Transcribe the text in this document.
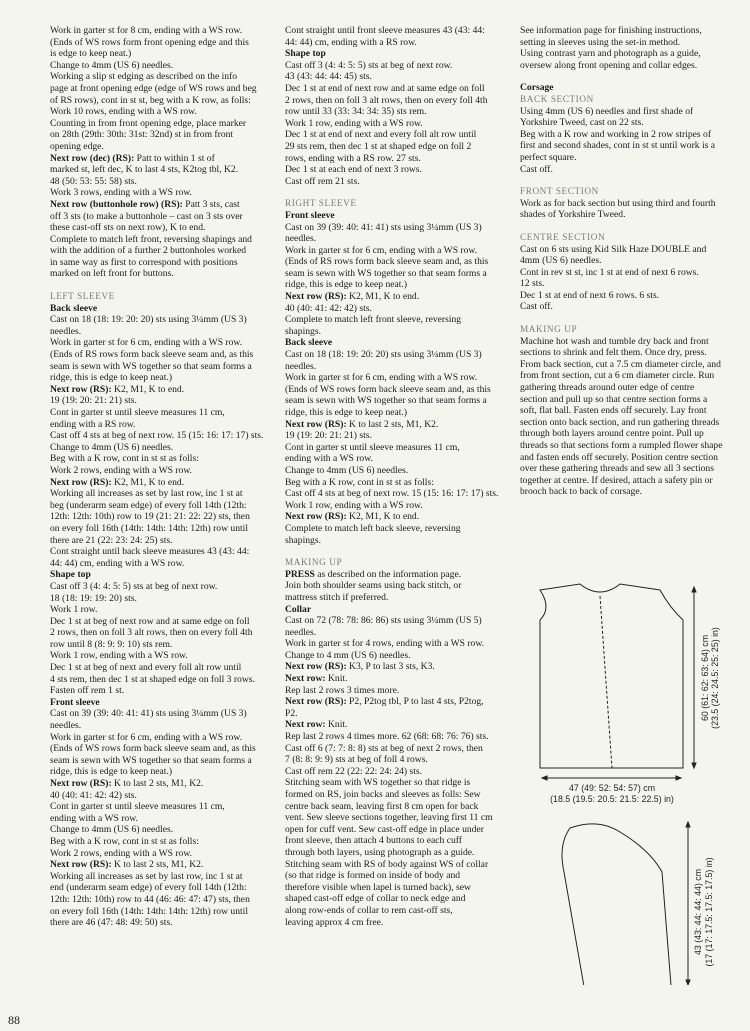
Work in garter st for 8 cm, ending with a WS row.

(Ends of WS rows form front opening edge and this

is edge to keep neat.)

Change to 4mm (US 6) needles.

Working a slip st edging as described on the info

page at front opening edge (edge of WS rows and beg

of RS rows), cont in st st, beg with a K row, as folls:

Work 10 rows, ending with a WS row.

Counting in from front opening edge, place marker

on 28th (29th: 30th: 31st: 32nd) st in from front

opening edge.

Next row (dec) (RS): Patt to within 1 st of

marked st, left dec, K to last 4 sts, K2tog tbl, K2.

48 (50: 53: 55: 58) sts.

Work 3 rows, ending with a WS row.

Next row (buttonhole row) (RS): Patt 3 sts, cast

off 3 sts (to make a buttonhole – cast on 3 sts over

these cast-off sts on next row), K to end.

Complete to match left front, reversing shapings and

with the addition of a further 2 buttonholes worked

in same way as first to correspond with positions

marked on left front for buttons.

LEFT SLEEVE

Back sleeve

Cast on 18 (18: 19: 20: 20) sts using 3¼mm (US 3)

needles.

Work in garter st for 6 cm, ending with a WS row.

(Ends of RS rows form back sleeve seam and, as this

seam is sewn with WS together so that seam forms a

ridge, this is edge to keep neat.)

Next row (RS): K2, M1, K to end.

19 (19: 20: 21: 21) sts.

Cont in garter st until sleeve measures 11 cm,

ending with a RS row.

Cast off 4 sts at beg of next row. 15 (15: 16: 17: 17) sts.

Change to 4mm (US 6) needles.

Beg with a K row, cont in st st as folls:

Work 2 rows, ending with a WS row.

Next row (RS): K2, M1, K to end.

Working all increases as set by last row, inc 1 st at

beg (underarm seam edge) of every foll 14th (12th:

12th: 12th: 10th) row to 19 (21: 21: 22: 22) sts, then

on every foll 16th (14th: 14th: 14th: 12th) row until

there are 21 (22: 23: 24: 25) sts.

Cont straight until back sleeve measures 43 (43: 44:

44: 44) cm, ending with a WS row.

Shape top

Cast off 3 (4: 4: 5: 5) sts at beg of next row.

18 (18: 19: 19: 20) sts.

Work 1 row.

Dec 1 st at beg of next row and at same edge on foll

2 rows, then on foll 3 alt rows, then on every foll 4th

row until 8 (8: 9: 9: 10) sts rem.

Work 1 row, ending with a WS row.

Dec 1 st at beg of next and every foll alt row until

4 sts rem, then dec 1 st at shaped edge on foll 3 rows.

Fasten off rem 1 st.

Front sleeve

Cast on 39 (39: 40: 41: 41) sts using 3¼mm (US 3)

needles.

Work in garter st for 6 cm, ending with a WS row.

(Ends of WS rows form back sleeve seam and, as this

seam is sewn with WS together so that seam forms a

ridge, this is edge to keep neat.)

Next row (RS): K to last 2 sts, M1, K2.

40 (40: 41: 42: 42) sts.

Cont in garter st until sleeve measures 11 cm,

ending with a WS row.

Change to 4mm (US 6) needles.

Beg with a K row, cont in st st as folls:

Work 2 rows, ending with a WS row.

Next row (RS): K to last 2 sts, M1, K2.

Working all increases as set by last row, inc 1 st at

end (underarm seam edge) of every foll 14th (12th:

12th: 12th: 10th) row to 44 (46: 46: 47: 47) sts, then

on every foll 16th (14th: 14th: 14th: 12th) row until

there are 46 (47: 48: 49: 50) sts.

Cont straight until front sleeve measures 43 (43: 44:

44: 44) cm, ending with a RS row.

Shape top

Cast off 3 (4: 4: 5: 5) sts at beg of next row.

43 (43: 44: 44: 45) sts.

Dec 1 st at end of next row and at same edge on foll

2 rows, then on foll 3 alt rows, then on every foll 4th

row until 33 (33: 34: 34: 35) sts rem.

Work 1 row, ending with a WS row.

Dec 1 st at end of next and every foll alt row until

29 sts rem, then dec 1 st at shaped edge on foll 2

rows, ending with a RS row. 27 sts.

Dec 1 st at each end of next 3 rows.

Cast off rem 21 sts.

RIGHT SLEEVE

Front sleeve

Cast on 39 (39: 40: 41: 41) sts using 3¼mm (US 3)

needles.

Work in garter st for 6 cm, ending with a WS row.

(Ends of RS rows form back sleeve seam and, as this

seam is sewn with WS together so that seam forms a

ridge, this is edge to keep neat.)

Next row (RS): K2, M1, K to end.

40 (40: 41: 42: 42) sts.

Complete to match left front sleeve, reversing

shapings.

Back sleeve

Cast on 18 (18: 19: 20: 20) sts using 3¼mm (US 3)

needles.

Work in garter st for 6 cm, ending with a WS row.

(Ends of WS rows form back sleeve seam and, as this

seam is sewn with WS together so that seam forms a

ridge, this is edge to keep neat.)

Next row (RS): K to last 2 sts, M1, K2.

19 (19: 20: 21: 21) sts.

Cont in garter st until sleeve measures 11 cm,

ending with a WS row.

Change to 4mm (US 6) needles.

Beg with a K row, cont in st st as folls:

Cast off 4 sts at beg of next row. 15 (15: 16: 17: 17) sts.

Work 1 row, ending with a WS row.

Next row (RS): K2, M1, K to end.

Complete to match left back sleeve, reversing

shapings.

MAKING UP

PRESS as described on the information page.

Join both shoulder seams using back stitch, or

mattress stitch if preferred.

Collar

Cast on 72 (78: 78: 86: 86) sts using 3¼mm (US 5)

needles.

Work in garter st for 4 rows, ending with a WS row.

Change to 4 mm (US 6) needles.

Next row (RS): K3, P to last 3 sts, K3.

Next row: Knit.

Rep last 2 rows 3 times more.

Next row (RS): P2, P2tog tbl, P to last 4 sts, P2tog,

P2.

Next row: Knit.

Rep last 2 rows 4 times more. 62 (68: 68: 76: 76) sts.

Cast off 6 (7: 7: 8: 8) sts at beg of next 2 rows, then

7 (8: 8: 9: 9) sts at beg of foll 4 rows.

Cast off rem 22 (22: 22: 24: 24) sts.

Stitching seam with WS together so that ridge is

formed on RS, join backs and sleeves as folls: Sew

centre back seam, leaving first 8 cm open for back

vent. Sew sleeve sections together, leaving first 11 cm

open for cuff vent. Sew cast-off edge in place under

front sleeve, then attach 4 buttons to each cuff

through both layers, using photograph as a guide.

Stitching seam with RS of body against WS of collar

(so that ridge is formed on inside of body and

therefore visible when lapel is turned back), sew

shaped cast-off edge of collar to neck edge and

along row-ends of collar to rem cast-off sts,

leaving approx 4 cm free.

See information page for finishing instructions,

setting in sleeves using the set-in method.

Using contrast yarn and photograph as a guide,

oversew along front opening and collar edges.

Corsage

BACK SECTION

Using 4mm (US 6) needles and first shade of

Yorkshire Tweed, cast on 22 sts.

Beg with a K row and working in 2 row stripes of

first and second shades, cont in st st until work is a

perfect square.

Cast off.

FRONT SECTION

Work as for back section but using third and fourth

shades of Yorkshire Tweed.

CENTRE SECTION

Cast on 6 sts using Kid Silk Haze DOUBLE and

4mm (US 6) needles.

Cont in rev st st, inc 1 st at end of next 6 rows.

12 sts.

Dec 1 st at end of next 6 rows. 6 sts.

Cast off.

MAKING UP

Machine hot wash and tumble dry back and front

sections to shrink and felt them. Once dry, press.

From back section, cut a 7.5 cm diameter circle, and

from front section, cut a 6 cm diameter circle. Run

gathering threads around outer edge of centre

section and pull up so that centre section forms a

soft, flat ball. Fasten ends off securely. Lay front

section onto back section, and run gathering threads

through both layers around centre point. Pull up

threads so that sections form a rumpled flower shape

and fasten ends off securely. Position centre section

over these gathering threads and sew all 3 sections

together at centre. If desired, attach a safety pin or

brooch back to back of corsage.

60 (61: 62: 63: 64) cm (23.5 (24: 24.5: 25: 25) in)
47 (49: 52: 54: 57) cm
(18.5 (19.5: 20.5: 21.5: 22.5) in)
43 (43: 44: 44: 44) cm (17 (17: 17.5: 17.5: 17.5) in)
88
